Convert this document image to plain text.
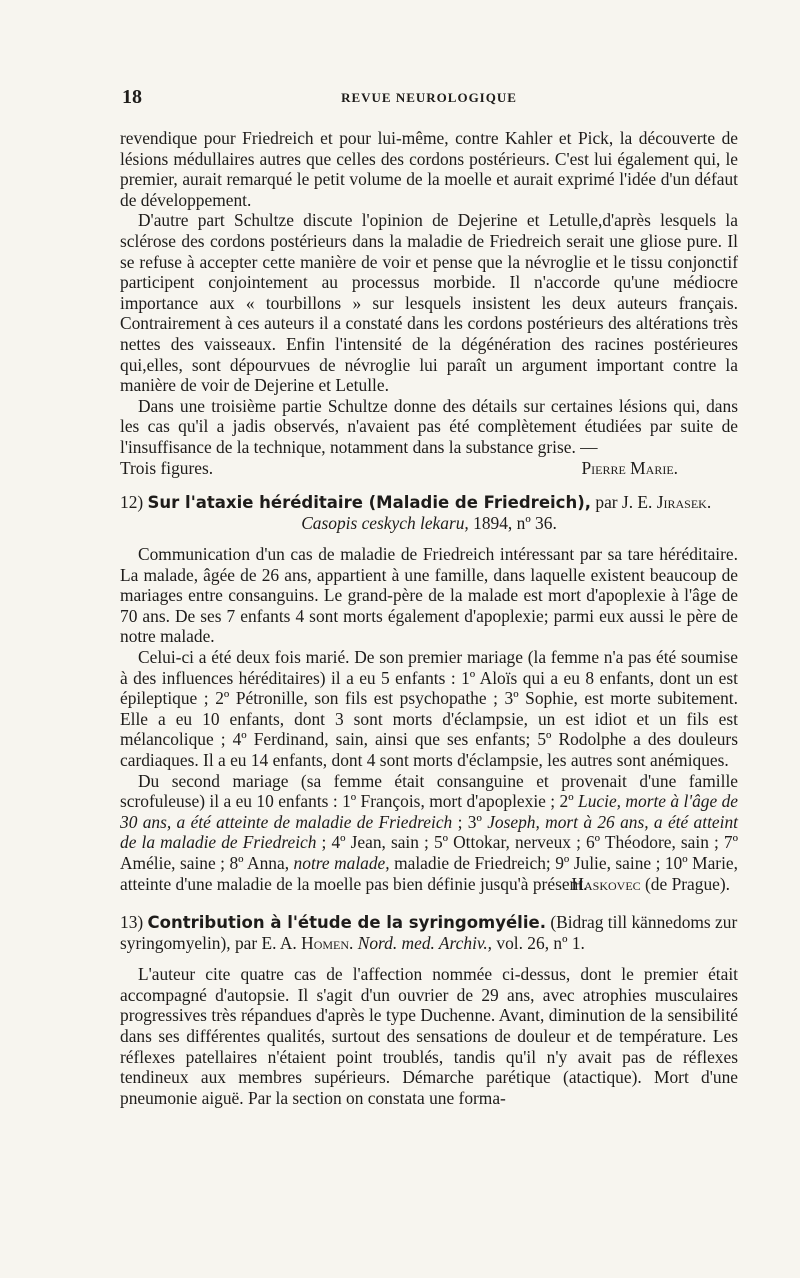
18	REVUE NEUROLOGIQUE

revendique pour Friedreich et pour lui-même, contre Kahler et Pick, la découverte de lésions médullaires autres que celles des cordons postérieurs. C'est lui également qui, le premier, aurait remarqué le petit volume de la moelle et aurait exprimé l'idée d'un défaut de développement.

D'autre part Schultze discute l'opinion de Dejerine et Letulle,d'après lesquels la sclérose des cordons postérieurs dans la maladie de Friedreich serait une gliose pure. Il se refuse à accepter cette manière de voir et pense que la névroglie et le tissu conjonctif participent conjointement au processus morbide. Il n'accorde qu'une médiocre importance aux « tourbillons » sur lesquels insistent les deux auteurs français. Contrairement à ces auteurs il a constaté dans les cordons postérieurs des altérations très nettes des vaisseaux. Enfin l'intensité de la dégénération des racines postérieures qui,elles, sont dépourvues de névroglie lui paraît un argument important contre la manière de voir de Dejerine et Letulle.

Dans une troisième partie Schultze donne des détails sur certaines lésions qui, dans les cas qu'il a jadis observés, n'avaient pas été complètement étudiées par suite de l'insuffisance de la technique, notamment dans la substance grise. —

Trois figures.	Pierre Marie.
12) Sur l'ataxie héréditaire (Maladie de Friedreich), par J. E. Jirasek.
Casopis ceskych lekaru, 1894, nº 36.

Communication d'un cas de maladie de Friedreich intéressant par sa tare héréditaire. La malade, âgée de 26 ans, appartient à une famille, dans laquelle existent beaucoup de mariages entre consanguins. Le grand-père de la malade est mort d'apoplexie à l'âge de 70 ans. De ses 7 enfants 4 sont morts également d'apoplexie; parmi eux aussi le père de notre malade.

Celui-ci a été deux fois marié. De son premier mariage (la femme n'a pas été soumise à des influences héréditaires) il a eu 5 enfants : 1º Aloïs qui a eu 8 enfants, dont un est épileptique ; 2º Pétronille, son fils est psychopathe ; 3º Sophie, est morte subitement. Elle a eu 10 enfants, dont 3 sont morts d'éclampsie, un est idiot et un fils est mélancolique ; 4º Ferdinand, sain, ainsi que ses enfants; 5º Rodolphe a des douleurs cardiaques. Il a eu 14 enfants, dont 4 sont morts d'éclampsie, les autres sont anémiques.

Du second mariage (sa femme était consanguine et provenait d'une famille scrofuleuse) il a eu 10 enfants : 1º François, mort d'apoplexie ; 2º Lucie, morte à l'âge de 30 ans, a été atteinte de maladie de Friedreich ; 3º Joseph, mort à 26 ans, a été atteint de la maladie de Friedreich ; 4º Jean, sain ; 5º Ottokar, nerveux ; 6º Théodore, sain ; 7º Amélie, saine ; 8º Anna, notre malade, maladie de Friedreich; 9º Julie, saine ; 10º Marie, atteinte d'une maladie de la moelle pas bien définie jusqu'à présent.

Haskovec (de Prague).
13) Contribution à l'étude de la syringomyélie. (Bidrag till kännedoms zur syringomyelin), par E. A. Homen. Nord. med. Archiv., vol. 26, nº 1.

L'auteur cite quatre cas de l'affection nommée ci-dessus, dont le premier était accompagné d'autopsie. Il s'agit d'un ouvrier de 29 ans, avec atrophies musculaires progressives très répandues d'après le type Duchenne. Avant, diminution de la sensibilité dans ses différentes qualités, surtout des sensations de douleur et de température. Les réflexes patellaires n'étaient point troublés, tandis qu'il n'y avait pas de réflexes tendineux aux membres supérieurs. Démarche parétique (atactique). Mort d'une pneumonie aiguë. Par la section on constata une forma-
